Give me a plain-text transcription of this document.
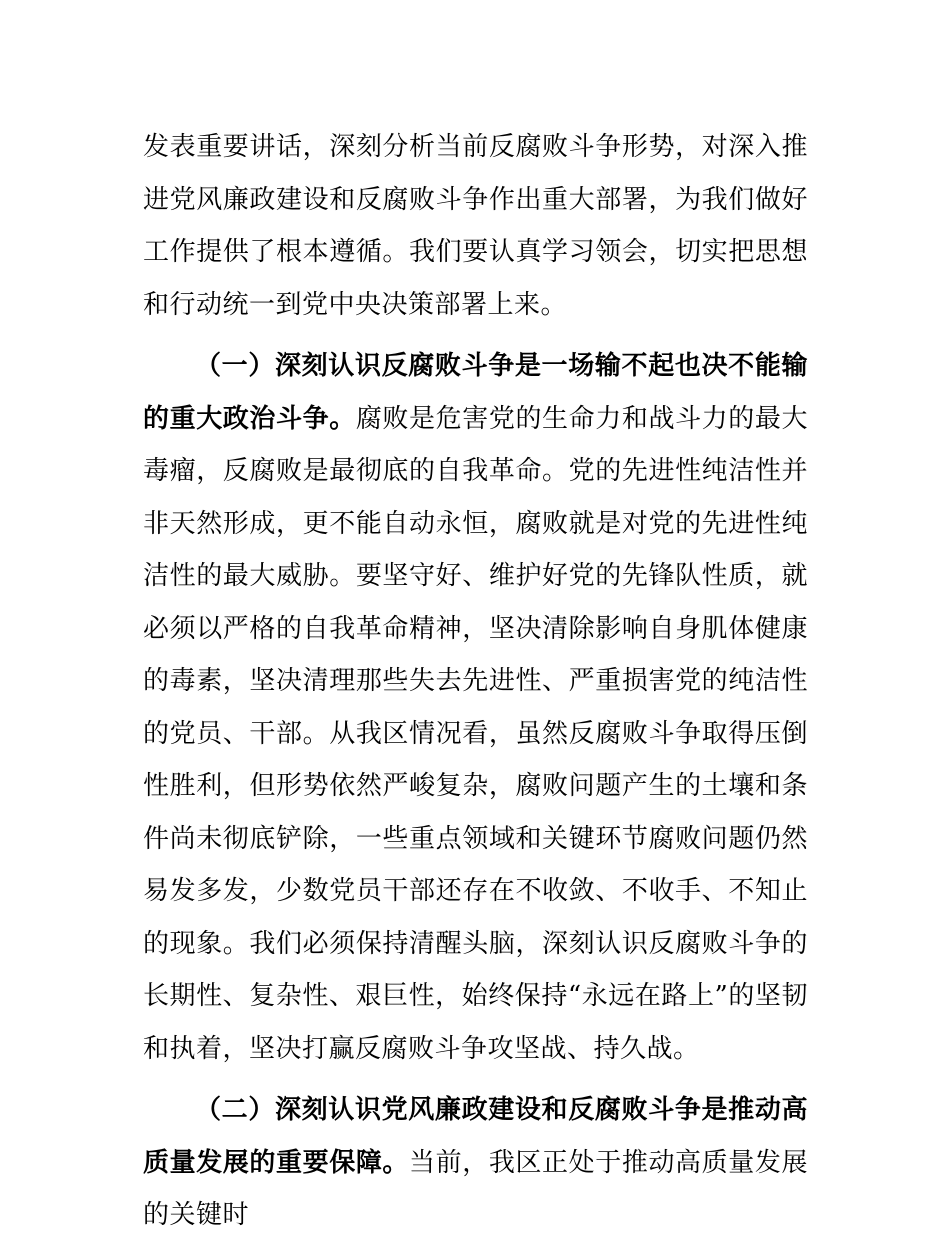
发表重要讲话，深刻分析当前反腐败斗争形势，对深入推进党风廉政建设和反腐败斗争作出重大部署，为我们做好工作提供了根本遵循。我们要认真学习领会，切实把思想和行动统一到党中央决策部署上来。

（一）深刻认识反腐败斗争是一场输不起也决不能输的重大政治斗争。腐败是危害党的生命力和战斗力的最大毒瘤，反腐败是最彻底的自我革命。党的先进性纯洁性并非天然形成，更不能自动永恒，腐败就是对党的先进性纯洁性的最大威胁。要坚守好、维护好党的先锋队性质，就必须以严格的自我革命精神，坚决清除影响自身肌体健康的毒素，坚决清理那些失去先进性、严重损害党的纯洁性的党员、干部。从我区情况看，虽然反腐败斗争取得压倒性胜利，但形势依然严峻复杂，腐败问题产生的土壤和条件尚未彻底铲除，一些重点领域和关键环节腐败问题仍然易发多发，少数党员干部还存在不收敛、不收手、不知止的现象。我们必须保持清醒头脑，深刻认识反腐败斗争的长期性、复杂性、艰巨性，始终保持“永远在路上”的坚韧和执着，坚决打赢反腐败斗争攻坚战、持久战。

（二）深刻认识党风廉政建设和反腐败斗争是推动高质量发展的重要保障。当前，我区正处于推动高质量发展的关键时
